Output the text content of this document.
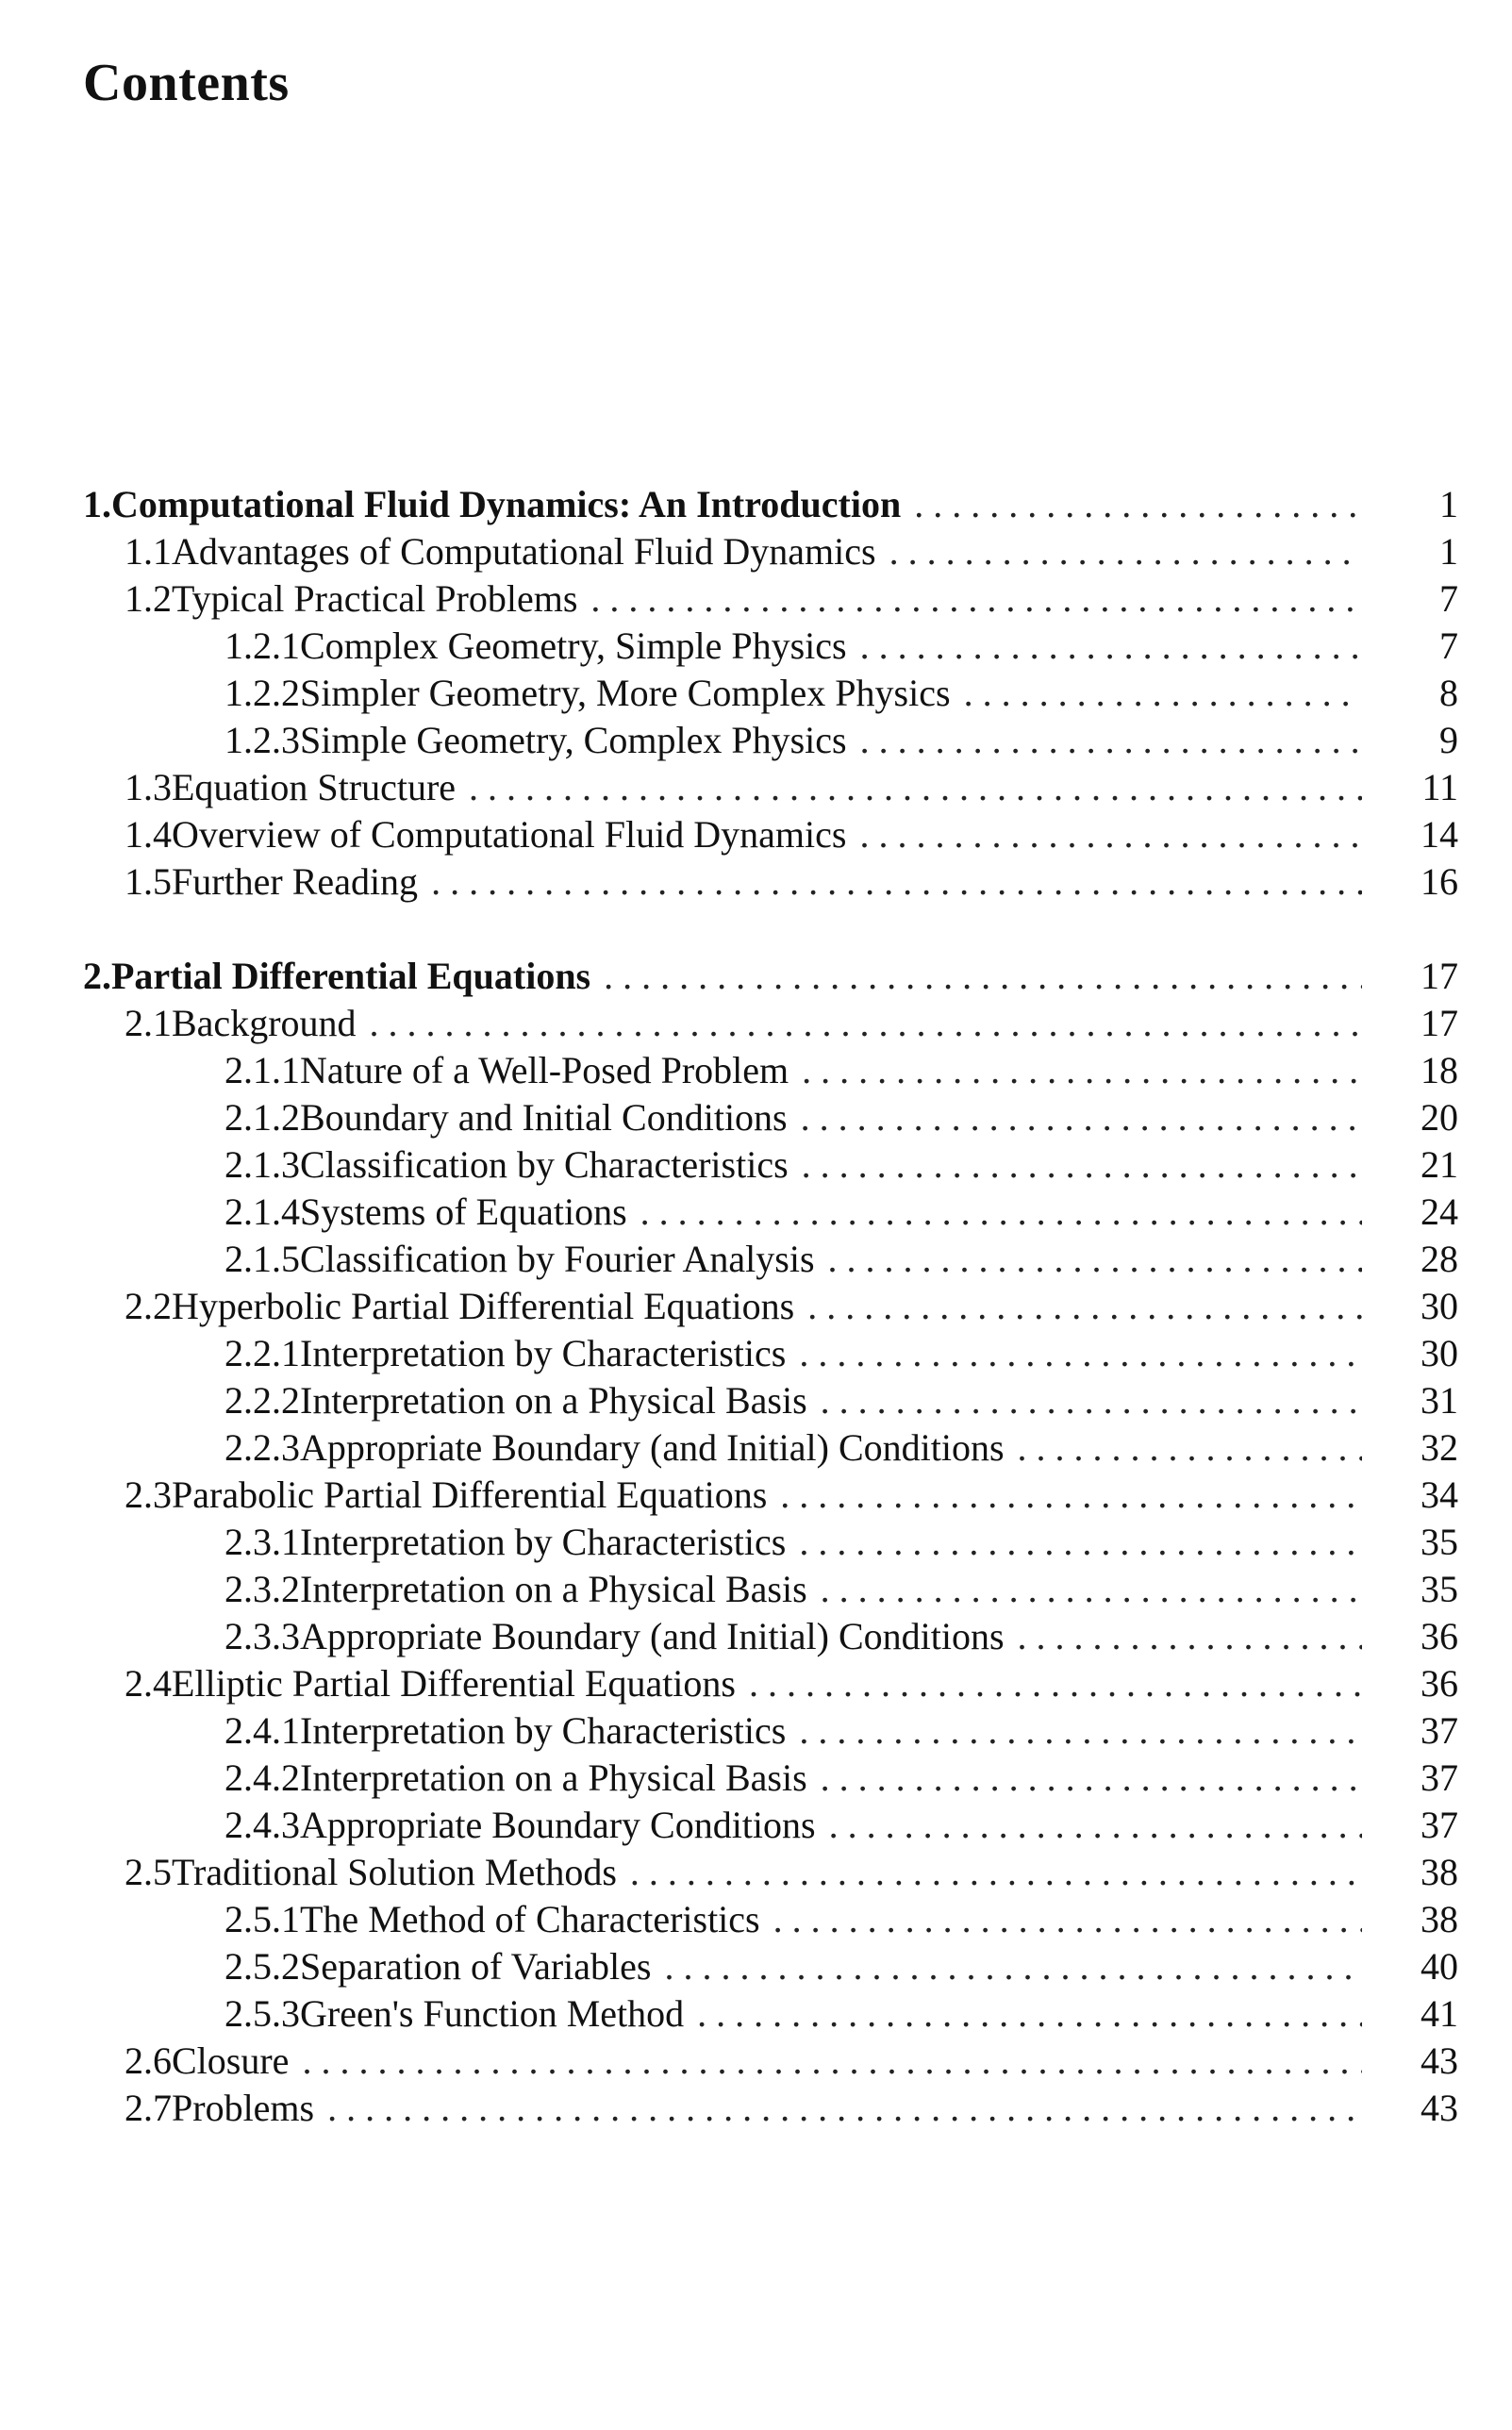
Contents
1. Computational Fluid Dynamics: An Introduction . . .	1
1.1 Advantages of Computational Fluid Dynamics . . .	1
1.2 Typical Practical Problems . . .	7
1.2.1 Complex Geometry, Simple Physics . . .	7
1.2.2 Simpler Geometry, More Complex Physics . . .	8
1.2.3 Simple Geometry, Complex Physics . . .	9
1.3 Equation Structure . . .	11
1.4 Overview of Computational Fluid Dynamics . . .	14
1.5 Further Reading . . .	16
2. Partial Differential Equations . . .	17
2.1 Background . . .	17
2.1.1 Nature of a Well-Posed Problem . . .	18
2.1.2 Boundary and Initial Conditions . . .	20
2.1.3 Classification by Characteristics . . .	21
2.1.4 Systems of Equations . . .	24
2.1.5 Classification by Fourier Analysis . . .	28
2.2 Hyperbolic Partial Differential Equations . . .	30
2.2.1 Interpretation by Characteristics . . .	30
2.2.2 Interpretation on a Physical Basis . . .	31
2.2.3 Appropriate Boundary (and Initial) Conditions . . .	32
2.3 Parabolic Partial Differential Equations . . .	34
2.3.1 Interpretation by Characteristics . . .	35
2.3.2 Interpretation on a Physical Basis . . .	35
2.3.3 Appropriate Boundary (and Initial) Conditions . . .	36
2.4 Elliptic Partial Differential Equations . . .	36
2.4.1 Interpretation by Characteristics . . .	37
2.4.2 Interpretation on a Physical Basis . . .	37
2.4.3 Appropriate Boundary Conditions . . .	37
2.5 Traditional Solution Methods . . .	38
2.5.1 The Method of Characteristics . . .	38
2.5.2 Separation of Variables . . .	40
2.5.3 Green's Function Method . . .	41
2.6 Closure . . .	43
2.7 Problems . . .	43
